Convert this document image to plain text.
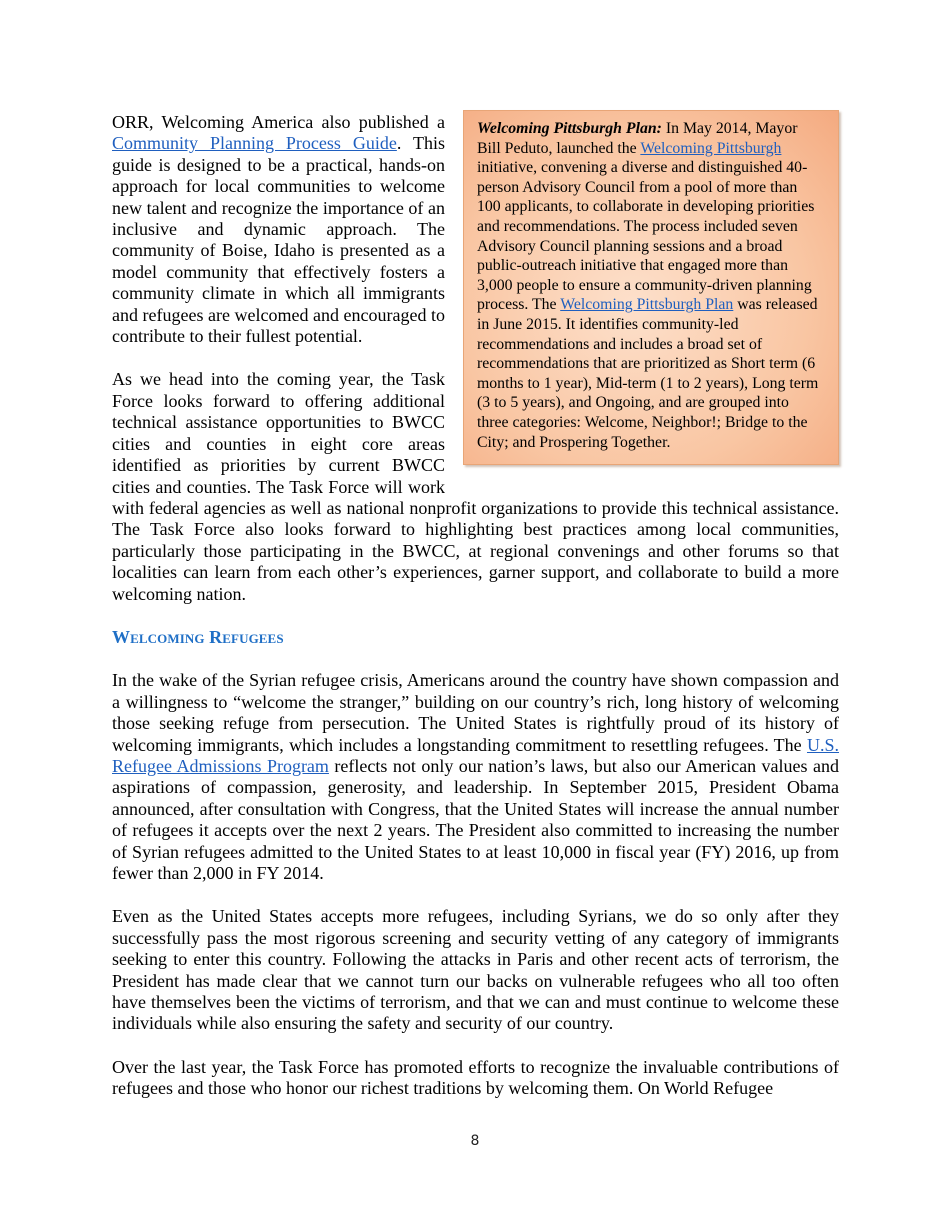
Welcoming Pittsburgh Plan: In May 2014, Mayor Bill Peduto, launched the Welcoming Pittsburgh initiative, convening a diverse and distinguished 40-person Advisory Council from a pool of more than 100 applicants, to collaborate in developing priorities and recommendations. The process included seven Advisory Council planning sessions and a broad public-outreach initiative that engaged more than 3,000 people to ensure a community-driven planning process. The Welcoming Pittsburgh Plan was released in June 2015. It identifies community-led recommendations and includes a broad set of recommendations that are prioritized as Short term (6 months to 1 year), Mid-term (1 to 2 years), Long term (3 to 5 years), and Ongoing, and are grouped into three categories: Welcome, Neighbor!; Bridge to the City; and Prospering Together.

ORR, Welcoming America also published a Community Planning Process Guide. This guide is designed to be a practical, hands-on approach for local communities to welcome new talent and recognize the importance of an inclusive and dynamic approach. The community of Boise, Idaho is presented as a model community that effectively fosters a community climate in which all immigrants and refugees are welcomed and encouraged to contribute to their fullest potential.

As we head into the coming year, the Task Force looks forward to offering additional technical assistance opportunities to BWCC cities and counties in eight core areas identified as priorities by current BWCC cities and counties. The Task Force will work with federal agencies as well as national nonprofit organizations to provide this technical assistance. The Task Force also looks forward to highlighting best practices among local communities, particularly those participating in the BWCC, at regional convenings and other forums so that localities can learn from each other’s experiences, garner support, and collaborate to build a more welcoming nation.

Welcoming Refugees

In the wake of the Syrian refugee crisis, Americans around the country have shown compassion and a willingness to “welcome the stranger,” building on our country’s rich, long history of welcoming those seeking refuge from persecution. The United States is rightfully proud of its history of welcoming immigrants, which includes a longstanding commitment to resettling refugees. The U.S. Refugee Admissions Program reflects not only our nation’s laws, but also our American values and aspirations of compassion, generosity, and leadership. In September 2015, President Obama announced, after consultation with Congress, that the United States will increase the annual number of refugees it accepts over the next 2 years. The President also committed to increasing the number of Syrian refugees admitted to the United States to at least 10,000 in fiscal year (FY) 2016, up from fewer than 2,000 in FY 2014.

Even as the United States accepts more refugees, including Syrians, we do so only after they successfully pass the most rigorous screening and security vetting of any category of immigrants seeking to enter this country. Following the attacks in Paris and other recent acts of terrorism, the President has made clear that we cannot turn our backs on vulnerable refugees who all too often have themselves been the victims of terrorism, and that we can and must continue to welcome these individuals while also ensuring the safety and security of our country.

Over the last year, the Task Force has promoted efforts to recognize the invaluable contributions of refugees and those who honor our richest traditions by welcoming them. On World Refugee

8
